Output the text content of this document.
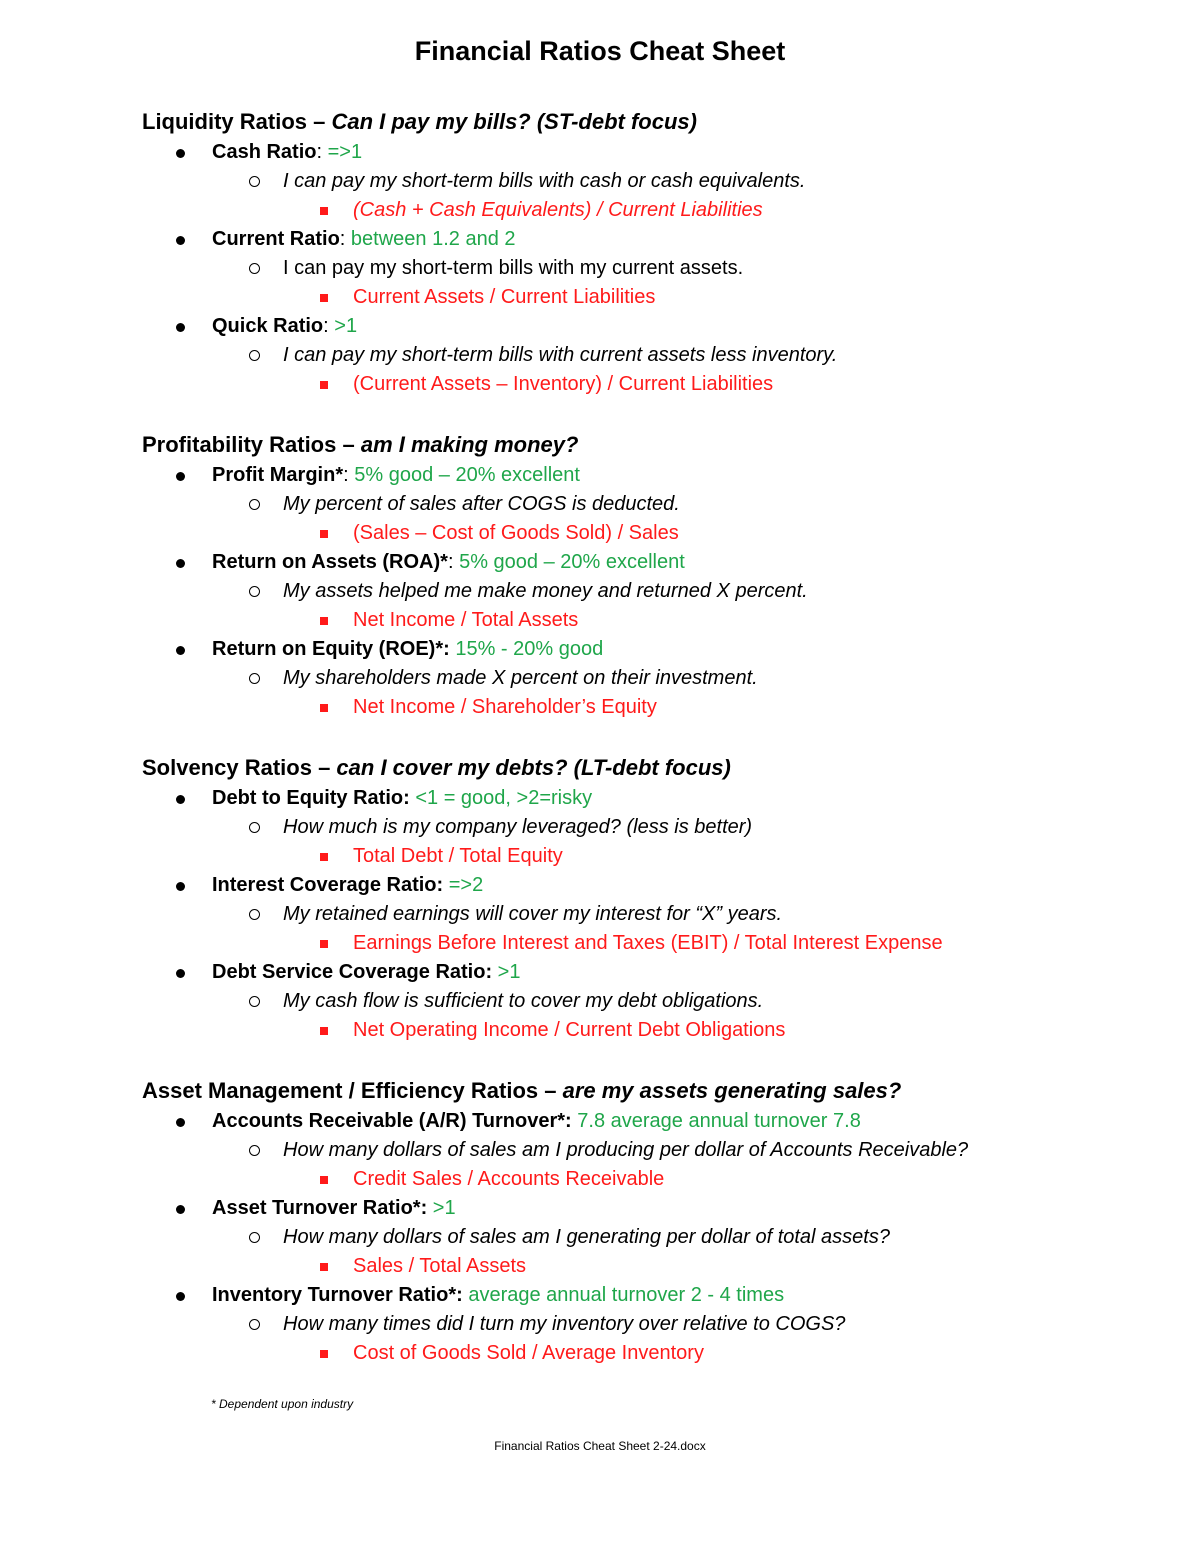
Financial Ratios Cheat Sheet
Liquidity Ratios – Can I pay my bills? (ST-debt focus)
Cash Ratio: =>1
I can pay my short-term bills with cash or cash equivalents.
(Cash + Cash Equivalents) / Current Liabilities
Current Ratio: between 1.2 and 2
I can pay my short-term bills with my current assets.
Current Assets / Current Liabilities
Quick Ratio: >1
I can pay my short-term bills with current assets less inventory.
(Current Assets – Inventory) / Current Liabilities
Profitability Ratios – am I making money?
Profit Margin*: 5% good – 20% excellent
My percent of sales after COGS is deducted.
(Sales – Cost of Goods Sold) / Sales
Return on Assets (ROA)*: 5% good – 20% excellent
My assets helped me make money and returned X percent.
Net Income / Total Assets
Return on Equity (ROE)*: 15% - 20% good
My shareholders made X percent on their investment.
Net Income / Shareholder’s Equity
Solvency Ratios – can I cover my debts? (LT-debt focus)
Debt to Equity Ratio: <1 = good, >2=risky
How much is my company leveraged? (less is better)
Total Debt / Total Equity
Interest Coverage Ratio: =>2
My retained earnings will cover my interest for “X” years.
Earnings Before Interest and Taxes (EBIT) / Total Interest Expense
Debt Service Coverage Ratio: >1
My cash flow is sufficient to cover my debt obligations.
Net Operating Income / Current Debt Obligations
Asset Management / Efficiency Ratios – are my assets generating sales?
Accounts Receivable (A/R) Turnover*: 7.8 average annual turnover 7.8
How many dollars of sales am I producing per dollar of Accounts Receivable?
Credit Sales / Accounts Receivable
Asset Turnover Ratio*: >1
How many dollars of sales am I generating per dollar of total assets?
Sales / Total Assets
Inventory Turnover Ratio*: average annual turnover 2 - 4 times
How many times did I turn my inventory over relative to COGS?
Cost of Goods Sold / Average Inventory
* Dependent upon industry
Financial Ratios Cheat Sheet 2-24.docx
